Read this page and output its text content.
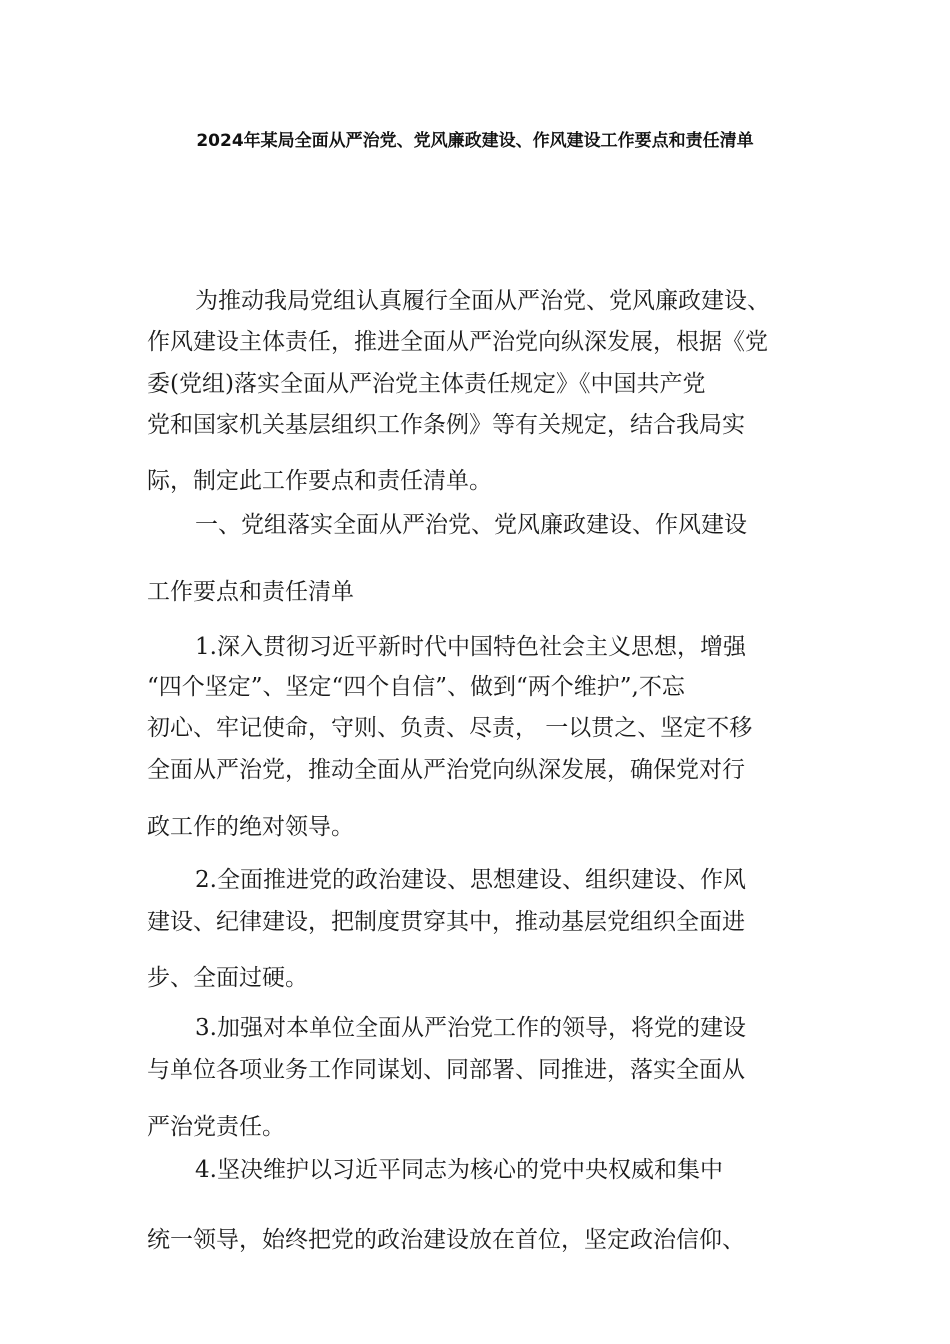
2024年某局全面从严治党、党风廉政建设、作风建设工作要点和责任清单
为推动我局党组认真履行全面从严治党、党风廉政建设、
作风建设主体责任，推进全面从严治党向纵深发展，根据《党
委(党组)落实全面从严治党主体责任规定》《中国共产党
党和国家机关基层组织工作条例》等有关规定，结合我局实
际，制定此工作要点和责任清单。
一、党组落实全面从严治党、党风廉政建设、作风建设
工作要点和责任清单
1.深入贯彻习近平新时代中国特色社会主义思想，增强
“四个坚定”、坚定“四个自信”、做到“两个维护”,不忘
初心、牢记使命，守则、负责、尽责， 一以贯之、坚定不移
全面从严治党，推动全面从严治党向纵深发展，确保党对行
政工作的绝对领导。
2.全面推进党的政治建设、思想建设、组织建设、作风
建设、纪律建设，把制度贯穿其中，推动基层党组织全面进
步、全面过硬。
3.加强对本单位全面从严治党工作的领导，将党的建设
与单位各项业务工作同谋划、同部署、同推进，落实全面从
严治党责任。
4.坚决维护以习近平同志为核心的党中央权威和集中
统一领导，始终把党的政治建设放在首位，坚定政治信仰、
